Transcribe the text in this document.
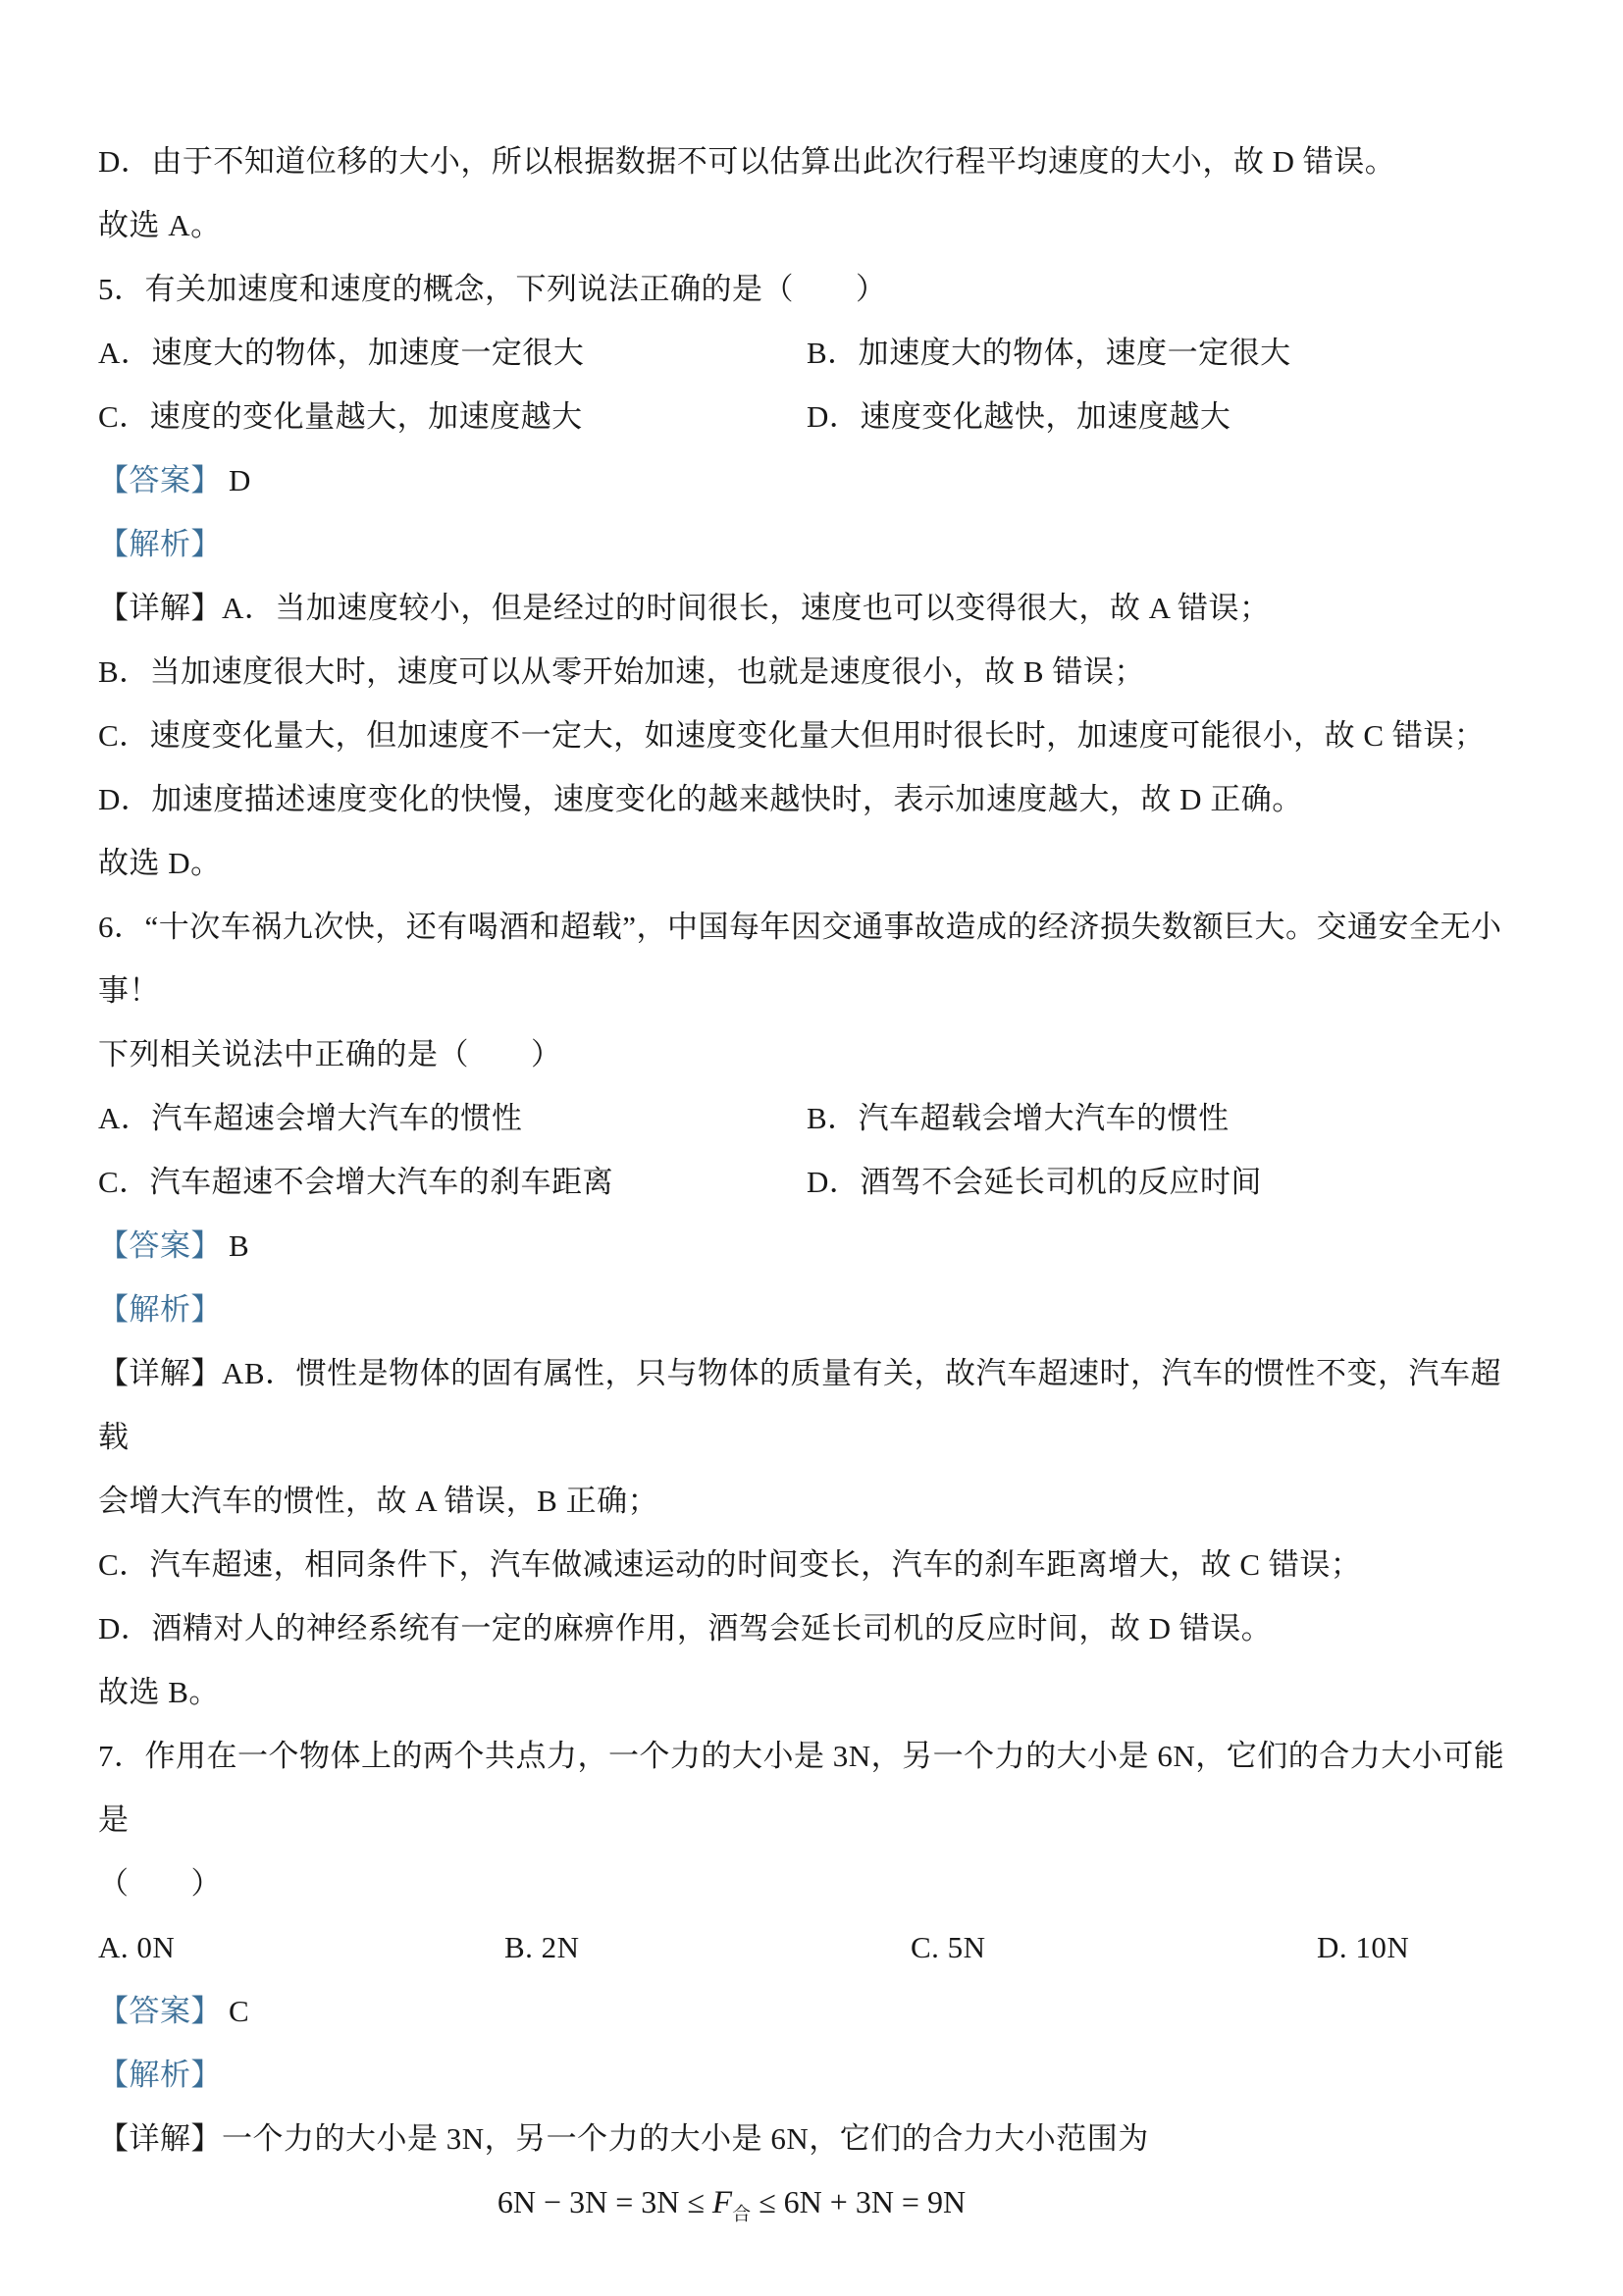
D．由于不知道位移的大小，所以根据数据不可以估算出此次行程平均速度的大小，故 D 错误。

故选 A。

5．有关加速度和速度的概念，下列说法正确的是（　　）

A．速度大的物体，加速度一定很大	B．加速度大的物体，速度一定很大

C．速度的变化量越大，加速度越大	D．速度变化越快，加速度越大

【答案】 D

【解析】

【详解】A．当加速度较小，但是经过的时间很长，速度也可以变得很大，故 A 错误；

B．当加速度很大时，速度可以从零开始加速，也就是速度很小，故 B 错误；

C．速度变化量大，但加速度不一定大，如速度变化量大但用时很长时，加速度可能很小，故 C 错误；

D．加速度描述速度变化的快慢，速度变化的越来越快时，表示加速度越大，故 D 正确。

故选 D。

6．“十次车祸九次快，还有喝酒和超载”，中国每年因交通事故造成的经济损失数额巨大。交通安全无小事！

下列相关说法中正确的是（　　）

A．汽车超速会增大汽车的惯性	B．汽车超载会增大汽车的惯性

C．汽车超速不会增大汽车的刹车距离	D．酒驾不会延长司机的反应时间

【答案】 B

【解析】

【详解】AB．惯性是物体的固有属性，只与物体的质量有关，故汽车超速时，汽车的惯性不变，汽车超载

会增大汽车的惯性，故 A 错误，B 正确；

C．汽车超速，相同条件下，汽车做减速运动的时间变长，汽车的刹车距离增大，故 C 错误；

D．酒精对人的神经系统有一定的麻痹作用，酒驾会延长司机的反应时间，故 D 错误。

故选 B。

7．作用在一个物体上的两个共点力，一个力的大小是 3N，另一个力的大小是 6N，它们的合力大小可能是

（　　）

A. 0N	B. 2N	C. 5N	D. 10N

【答案】 C

【解析】

【详解】一个力的大小是 3N，另一个力的大小是 6N，它们的合力大小范围为

$6N - 3N = 3N \le F_合 \le 6N + 3N = 9N$
